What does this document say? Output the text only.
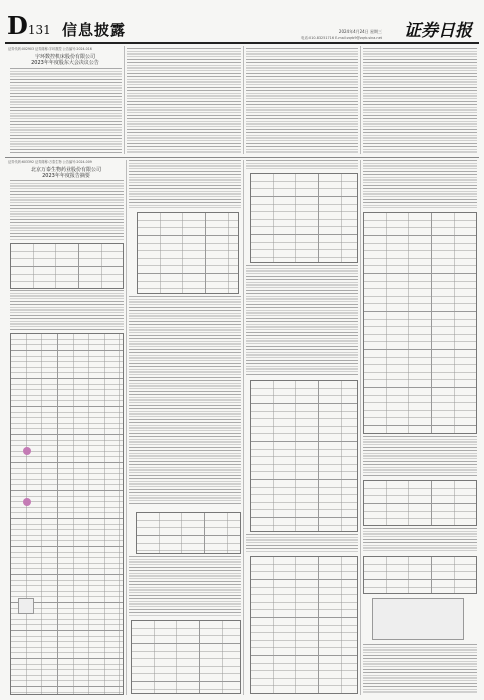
D131 信息披露	2024年4月24日 星期三
电话:010-83251716 E-mail:zqrb9@zqrb.sina.net 证券日报
证券代码:002903 证券简称:宇环数控 公告编号:2024-016
宇环数控机床股份有限公司
2023年年度股东大会决议公告
证券代码:603392 证券简称:万泰生物 公告编号:2024-009
北京万泰生物药业股份有限公司
2023年年度报告摘要
